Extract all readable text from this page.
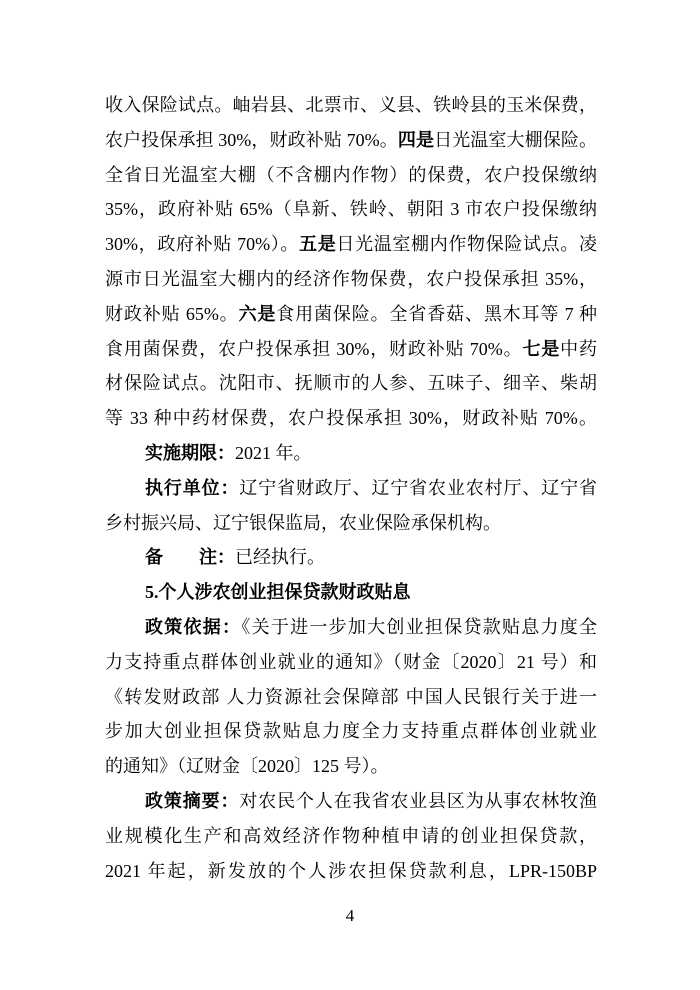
收入保险试点。岫岩县、北票市、义县、铁岭县的玉米保费，
农户投保承担 30%，财政补贴 70%。四是日光温室大棚保险。
全省日光温室大棚（不含棚内作物）的保费，农户投保缴纳
35%，政府补贴 65%（阜新、铁岭、朝阳 3 市农户投保缴纳
30%，政府补贴 70%）。五是日光温室棚内作物保险试点。凌
源市日光温室大棚内的经济作物保费，农户投保承担 35%，
财政补贴 65%。六是食用菌保险。全省香菇、黑木耳等 7 种
食用菌保费，农户投保承担 30%，财政补贴 70%。七是中药
材保险试点。沈阳市、抚顺市的人参、五味子、细辛、柴胡
等 33 种中药材保费，农户投保承担 30%，财政补贴 70%。
实施期限：2021 年。
执行单位：辽宁省财政厅、辽宁省农业农村厅、辽宁省
乡村振兴局、辽宁银保监局，农业保险承保机构。
备　　注：已经执行。
5.个人涉农创业担保贷款财政贴息
政策依据：《关于进一步加大创业担保贷款贴息力度全
力支持重点群体创业就业的通知》（财金〔2020〕21 号）和
《转发财政部 人力资源社会保障部 中国人民银行关于进一
步加大创业担保贷款贴息力度全力支持重点群体创业就业
的通知》（辽财金〔2020〕125 号）。
政策摘要：对农民个人在我省农业县区为从事农林牧渔
业规模化生产和高效经济作物种植申请的创业担保贷款，
2021 年起，新发放的个人涉农担保贷款利息，LPR-150BP
4
